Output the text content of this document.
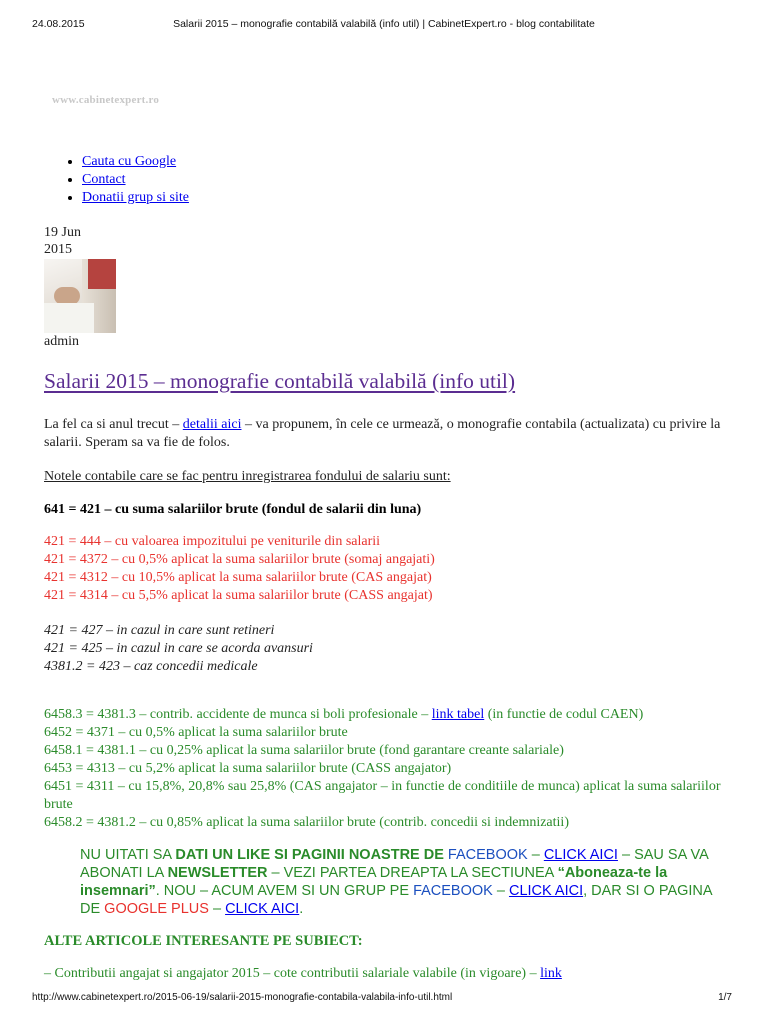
24.08.2015	Salarii 2015 – monografie contabilă valabilă (info util) | CabinetExpert.ro - blog contabilitate
www.cabinetexpert.ro
• Cauta cu Google
• Contact
• Donatii grup si site
19 Jun
2015
admin
Salarii 2015 – monografie contabilă valabilă (info util)

La fel ca si anul trecut – detalii aici – va propunem, în cele ce urmează, o monografie contabila (actualizata) cu privire la salarii. Speram sa va fie de folos.

Notele contabile care se fac pentru inregistrarea fondului de salariu sunt:

641 = 421 – cu suma salariilor brute (fondul de salarii din luna)

421 = 444 – cu valoarea impozitului pe veniturile din salarii
421 = 4372 – cu 0,5% aplicat la suma salariilor brute (somaj angajati)
421 = 4312 – cu 10,5% aplicat la suma salariilor brute (CAS angajat)
421 = 4314 – cu 5,5% aplicat la suma salariilor brute (CASS angajat)
421 = 427 – in cazul in care sunt retineri
421 = 425 – in cazul in care se acorda avansuri
4381.2 = 423 – caz concedii medicale
6458.3 = 4381.3 – contrib. accidente de munca si boli profesionale – link tabel (in functie de codul CAEN)
6452 = 4371 – cu 0,5% aplicat la suma salariilor brute
6458.1 = 4381.1 – cu 0,25% aplicat la suma salariilor brute (fond garantare creante salariale)
6453 = 4313 – cu 5,2% aplicat la suma salariilor brute (CASS angajator)
6451 = 4311 – cu 15,8%, 20,8% sau 25,8% (CAS angajator – in functie de conditiile de munca) aplicat la suma salariilor brute
6458.2 = 4381.2 – cu 0,85% aplicat la suma salariilor brute (contrib. concedii si indemnizatii)

NU UITATI SA DATI UN LIKE SI PAGINII NOASTRE DE FACEBOOK – CLICK AICI – SAU SA VA ABONATI LA NEWSLETTER – VEZI PARTEA DREAPTA LA SECTIUNEA “Aboneaza-te la insemnari”. NOU – ACUM AVEM SI UN GRUP PE FACEBOOK – CLICK AICI, DAR SI O PAGINA DE GOOGLE PLUS – CLICK AICI.

ALTE ARTICOLE INTERESANTE PE SUBIECT:

– Contributii angajat si angajator 2015 – cote contributii salariale valabile (in vigoare) – link

http://www.cabinetexpert.ro/2015-06-19/salarii-2015-monografie-contabila-valabila-info-util.html	1/7
